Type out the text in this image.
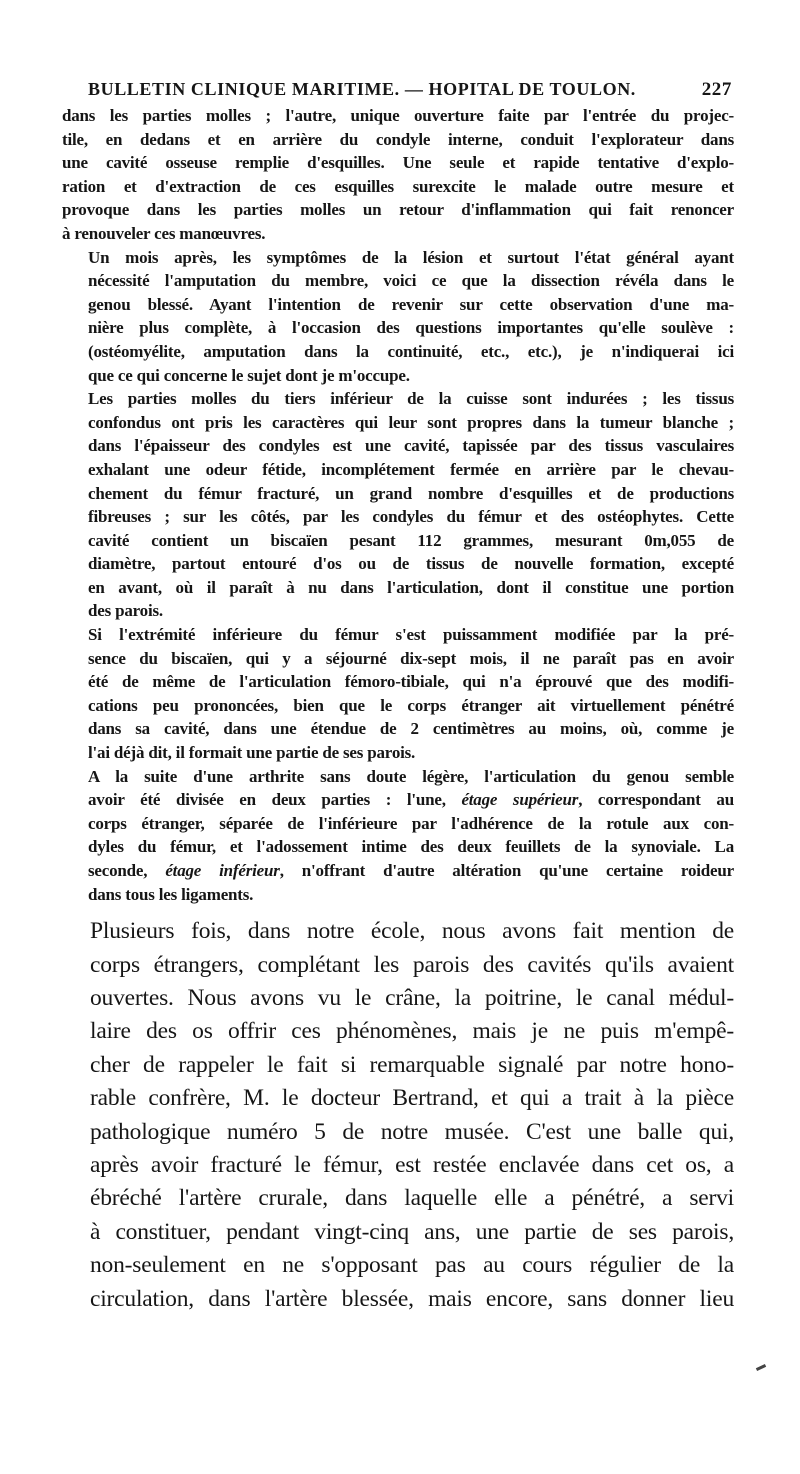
BULLETIN CLINIQUE MARITIME. — HOPITAL DE TOULON.	227

dans les parties molles ; l'autre, unique ouverture faite par l'entrée du projec-
tile, en dedans et en arrière du condyle interne, conduit l'explorateur dans
une cavité osseuse remplie d'esquilles. Une seule et rapide tentative d'explo-
ration et d'extraction de ces esquilles surexcite le malade outre mesure et
provoque dans les parties molles un retour d'inflammation qui fait renoncer
à renouveler ces manœuvres.

Un mois après, les symptômes de la lésion et surtout l'état général ayant
nécessité l'amputation du membre, voici ce que la dissection révéla dans le
genou blessé. Ayant l'intention de revenir sur cette observation d'une ma-
nière plus complète, à l'occasion des questions importantes qu'elle soulève :
(ostéomyélite, amputation dans la continuité, etc., etc.), je n'indiquerai ici
que ce qui concerne le sujet dont je m'occupe.

Les parties molles du tiers inférieur de la cuisse sont indurées ; les tissus
confondus ont pris les caractères qui leur sont propres dans la tumeur blanche ;
dans l'épaisseur des condyles est une cavité, tapissée par des tissus vasculaires
exhalant une odeur fétide, incomplétement fermée en arrière par le chevau-
chement du fémur fracturé, un grand nombre d'esquilles et de productions
fibreuses ; sur les côtés, par les condyles du fémur et des ostéophytes. Cette
cavité contient un biscaïen pesant 112 grammes, mesurant 0m,055 de
diamètre, partout entouré d'os ou de tissus de nouvelle formation, excepté
en avant, où il paraît à nu dans l'articulation, dont il constitue une portion
des parois.

Si l'extrémité inférieure du fémur s'est puissamment modifiée par la pré-
sence du biscaïen, qui y a séjourné dix-sept mois, il ne paraît pas en avoir
été de même de l'articulation fémoro-tibiale, qui n'a éprouvé que des modifi-
cations peu prononcées, bien que le corps étranger ait virtuellement pénétré
dans sa cavité, dans une étendue de 2 centimètres au moins, où, comme je
l'ai déjà dit, il formait une partie de ses parois.

A la suite d'une arthrite sans doute légère, l'articulation du genou semble
avoir été divisée en deux parties : l'une, étage supérieur, correspondant au
corps étranger, séparée de l'inférieure par l'adhérence de la rotule aux con-
dyles du fémur, et l'adossement intime des deux feuillets de la synoviale. La
seconde, étage inférieur, n'offrant d'autre altération qu'une certaine roideur
dans tous les ligaments.

Plusieurs fois, dans notre école, nous avons fait mention de
corps étrangers, complétant les parois des cavités qu'ils avaient
ouvertes. Nous avons vu le crâne, la poitrine, le canal médul-
laire des os offrir ces phénomènes, mais je ne puis m'empê-
cher de rappeler le fait si remarquable signalé par notre hono-
rable confrère, M. le docteur Bertrand, et qui a trait à la pièce
pathologique numéro 5 de notre musée. C'est une balle qui,
après avoir fracturé le fémur, est restée enclavée dans cet os, a
ébréché l'artère crurale, dans laquelle elle a pénétré, a servi
à constituer, pendant vingt-cinq ans, une partie de ses parois,
non-seulement en ne s'opposant pas au cours régulier de la
circulation, dans l'artère blessée, mais encore, sans donner lieu
